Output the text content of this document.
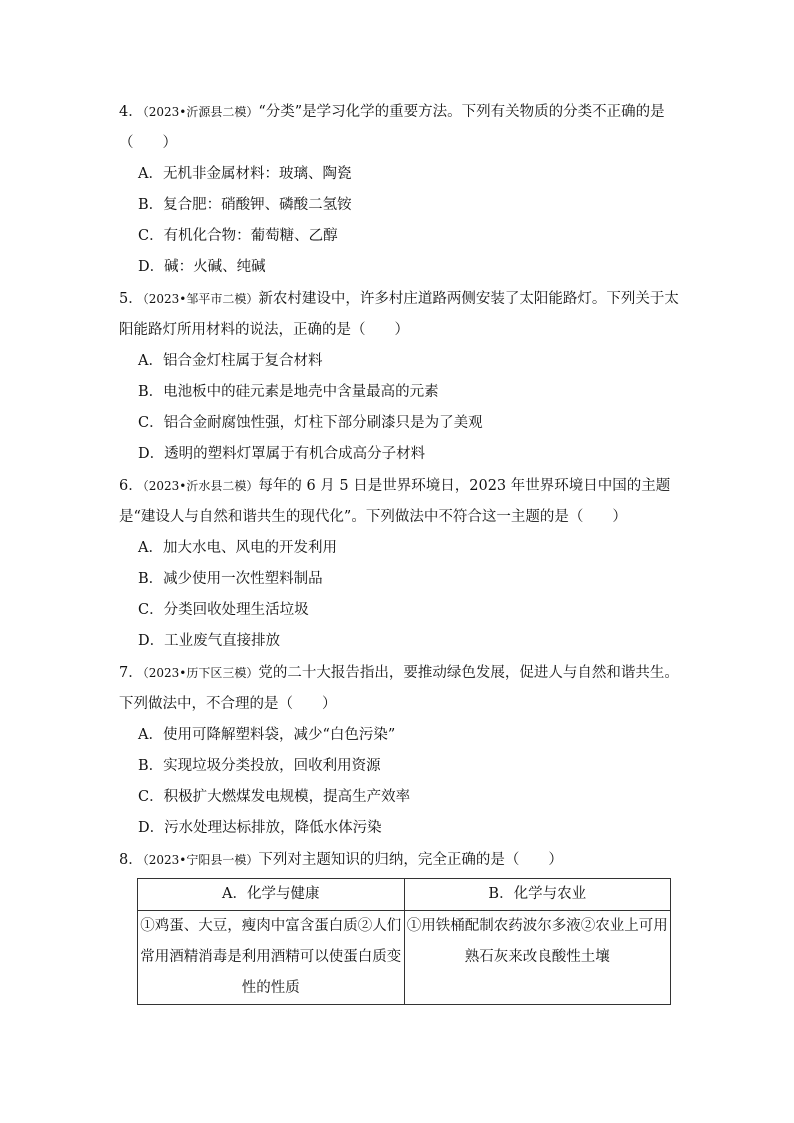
4．（2023•沂源县二模）“分类”是学习化学的重要方法。下列有关物质的分类不正确的是（　　）
A．无机非金属材料：玻璃、陶瓷
B．复合肥：硝酸钾、磷酸二氢铵
C．有机化合物：葡萄糖、乙醇
D．碱：火碱、纯碱
5．（2023•邹平市二模）新农村建设中，许多村庄道路两侧安装了太阳能路灯。下列关于太阳能路灯所用材料的说法，正确的是（　　）
A．铝合金灯柱属于复合材料
B．电池板中的硅元素是地壳中含量最高的元素
C．铝合金耐腐蚀性强，灯柱下部分刷漆只是为了美观
D．透明的塑料灯罩属于有机合成高分子材料
6．（2023•沂水县二模）每年的 6 月 5 日是世界环境日，2023 年世界环境日中国的主题是“建设人与自然和谐共生的现代化”。下列做法中不符合这一主题的是（　　）
A．加大水电、风电的开发利用
B．减少使用一次性塑料制品
C．分类回收处理生活垃圾
D．工业废气直接排放
7．（2023•历下区三模）党的二十大报告指出，要推动绿色发展，促进人与自然和谐共生。下列做法中，不合理的是（　　）
A．使用可降解塑料袋，减少“白色污染”
B．实现垃圾分类投放，回收利用资源
C．积极扩大燃煤发电规模，提高生产效率
D．污水处理达标排放，降低水体污染
8．（2023•宁阳县一模）下列对主题知识的归纳，完全正确的是（　　）
A．化学与健康	B．化学与农业
①鸡蛋、大豆，瘦肉中富含蛋白质②人们常用酒精消毒是利用酒精可以使蛋白质变性的性质	①用铁桶配制农药波尔多液②农业上可用熟石灰来改良酸性土壤
